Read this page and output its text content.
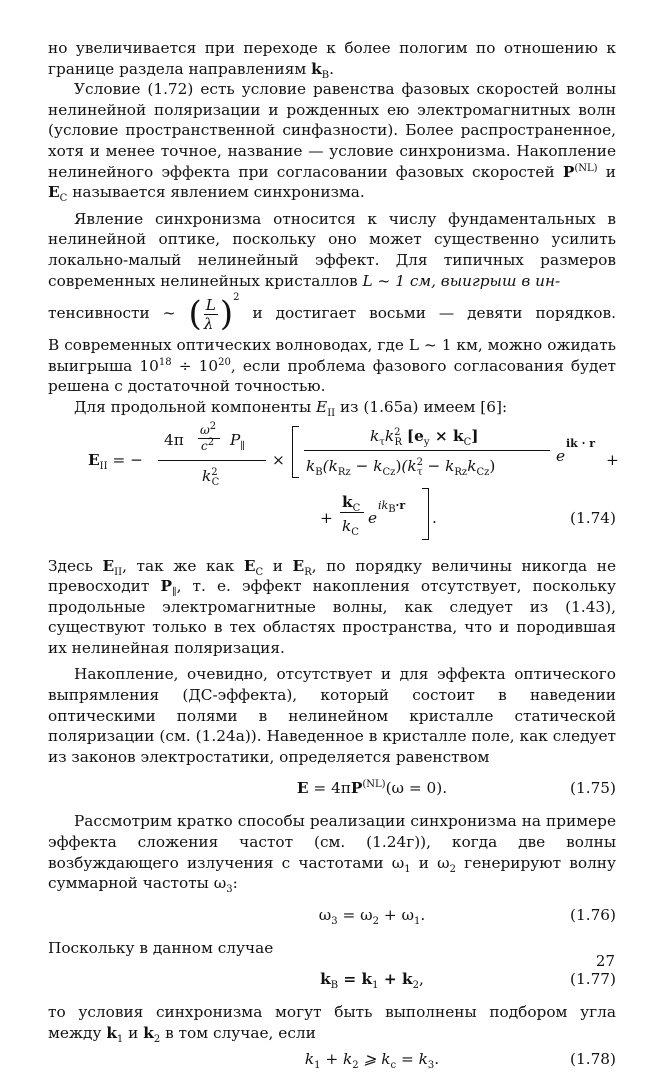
но увеличивается при переходе к более пологим по отношению к границе раздела направлениям $k_B$.

Условие (1.72) есть условие равенства фазовых скоростей волны нелинейной поляризации и рожденных ею электромагнитных волн (условие пространственной синфазности). Более распространенное, хотя и менее точное, название — условие синхронизма. Накопление нелинейного эффекта при согласовании фазовых скоростей $P^{(NL)}$ и $E_C$ называется явлением синхронизма.

Явление синхронизма относится к числу фундаментальных в нелинейной оптике, поскольку оно может существенно усилить локально-малый нелинейный эффект. Для типичных размеров современных нелинейных кристаллов L ~ 1 см, выигрыш в ин-

тенсивности ~ ( $\frac{L}{\lambda} )^2$ и достигает восьми — девяти порядков.

В современных оптических волноводах, где L ~ 1 км, можно ожидать выигрыша $10^{18} \div 10^{20}$, если проблема фазового согласования будет решена с достаточной точностью.

Для продольной компоненты $E_{II}$ из (1.65а) имеем [6]:

$E_{II}$ = −
4π
$\omega^2$
$c^2$ $P_\parallel$
$k^2_C$
×
$k_\tau k^2_R$ $[e_y \times k_C]$
$k_B(k_{Rz} - k_{Cz})(k^2_\tau - k_{Rz}k_{Cz})$
e
ik · r
+
+
$k_C$
$k_C$
e
$ik_B\cdot r$
.	(1.74)

Здесь $E_{II}$, так же как $E_C$ и $E_R$, по порядку величины никогда не превосходит $P_\parallel$, т. е. эффект накопления отсутствует, поскольку продольные электромагнитные волны, как следует из (1.43), существуют только в тех областях пространства, что и породившая их нелинейная поляризация.

Накопление, очевидно, отсутствует и для эффекта оптического выпрямления (ДС-эффекта), который состоит в наведении оптическими полями в нелинейном кристалле статической поляризации (см. (1.24а)). Наведенное в кристалле поле, как следует из законов электростатики, определяется равенством

$E = 4\pi P^{(NL)}(\omega = 0)$.	(1.75)

Рассмотрим кратко способы реализации синхронизма на примере эффекта сложения частот (см. (1.24г)), когда две волны возбуждающего излучения с частотами $\omega_1$ и $\omega_2$ генерируют волну суммарной частоты $\omega_3$:

$\omega_3 = \omega_2 + \omega_1$.	(1.76)

Поскольку в данном случае

$k_B = k_1 + k_2$,	(1.77)

то условия синхронизма могут быть выполнены подбором угла между $k_1$ и $k_2$ в том случае, если

$k_1 + k_2$ ⩾ $k_c = k_3$.	(1.78)
27
